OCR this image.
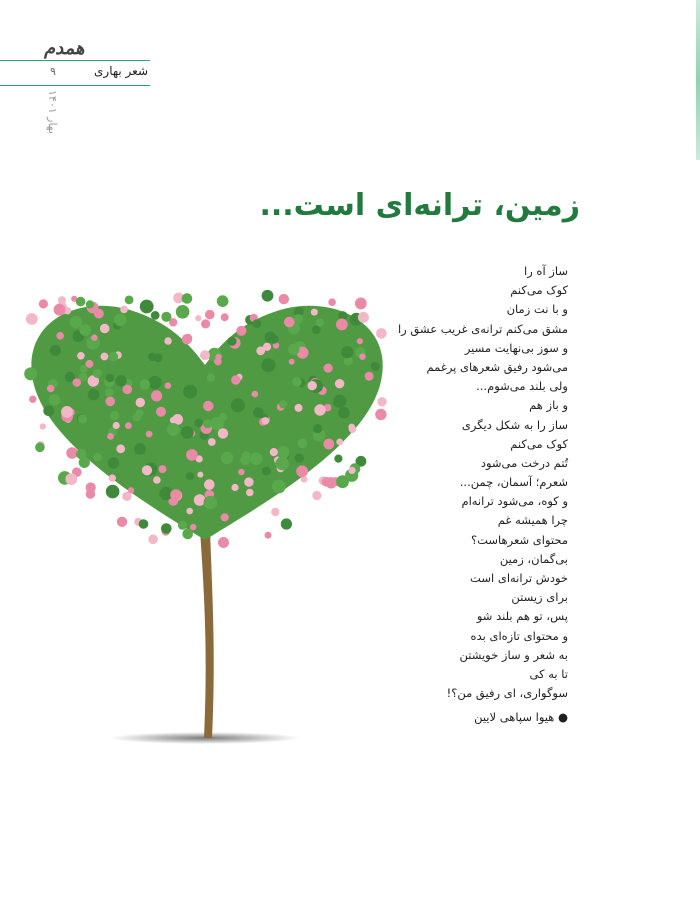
همدم
شعر بهاری
۹
بهار ۱۴۰۱
زمین، ترانه‌ای است...
ساز آه را
کوک می‌کنم
و با نت زمان
مشق می‌کنم ترانه‌ی غریب عشق را
و سوز بی‌نهایت مسیر
می‌شود رفیق شعرهای پرغمم
ولی بلند می‌شوم...
و باز هم
ساز را به شکل دیگری
کوک می‌کنم
تُتم درخت می‌شود
شعرم؛ آسمان، چمن...
و کوه، می‌شود ترانه‌ام
چرا همیشه غم
محتوای شعرهاست؟
بی‌گمان، زمین
خودش ترانه‌ای است
برای زیستن
پس، تو هم بلند شو
و محتوای تازه‌ای بده
به شعر و ساز خویشتن
تا به کی
سوگواری، ای رفیق من؟!
● هیوا سپاهی لایین
